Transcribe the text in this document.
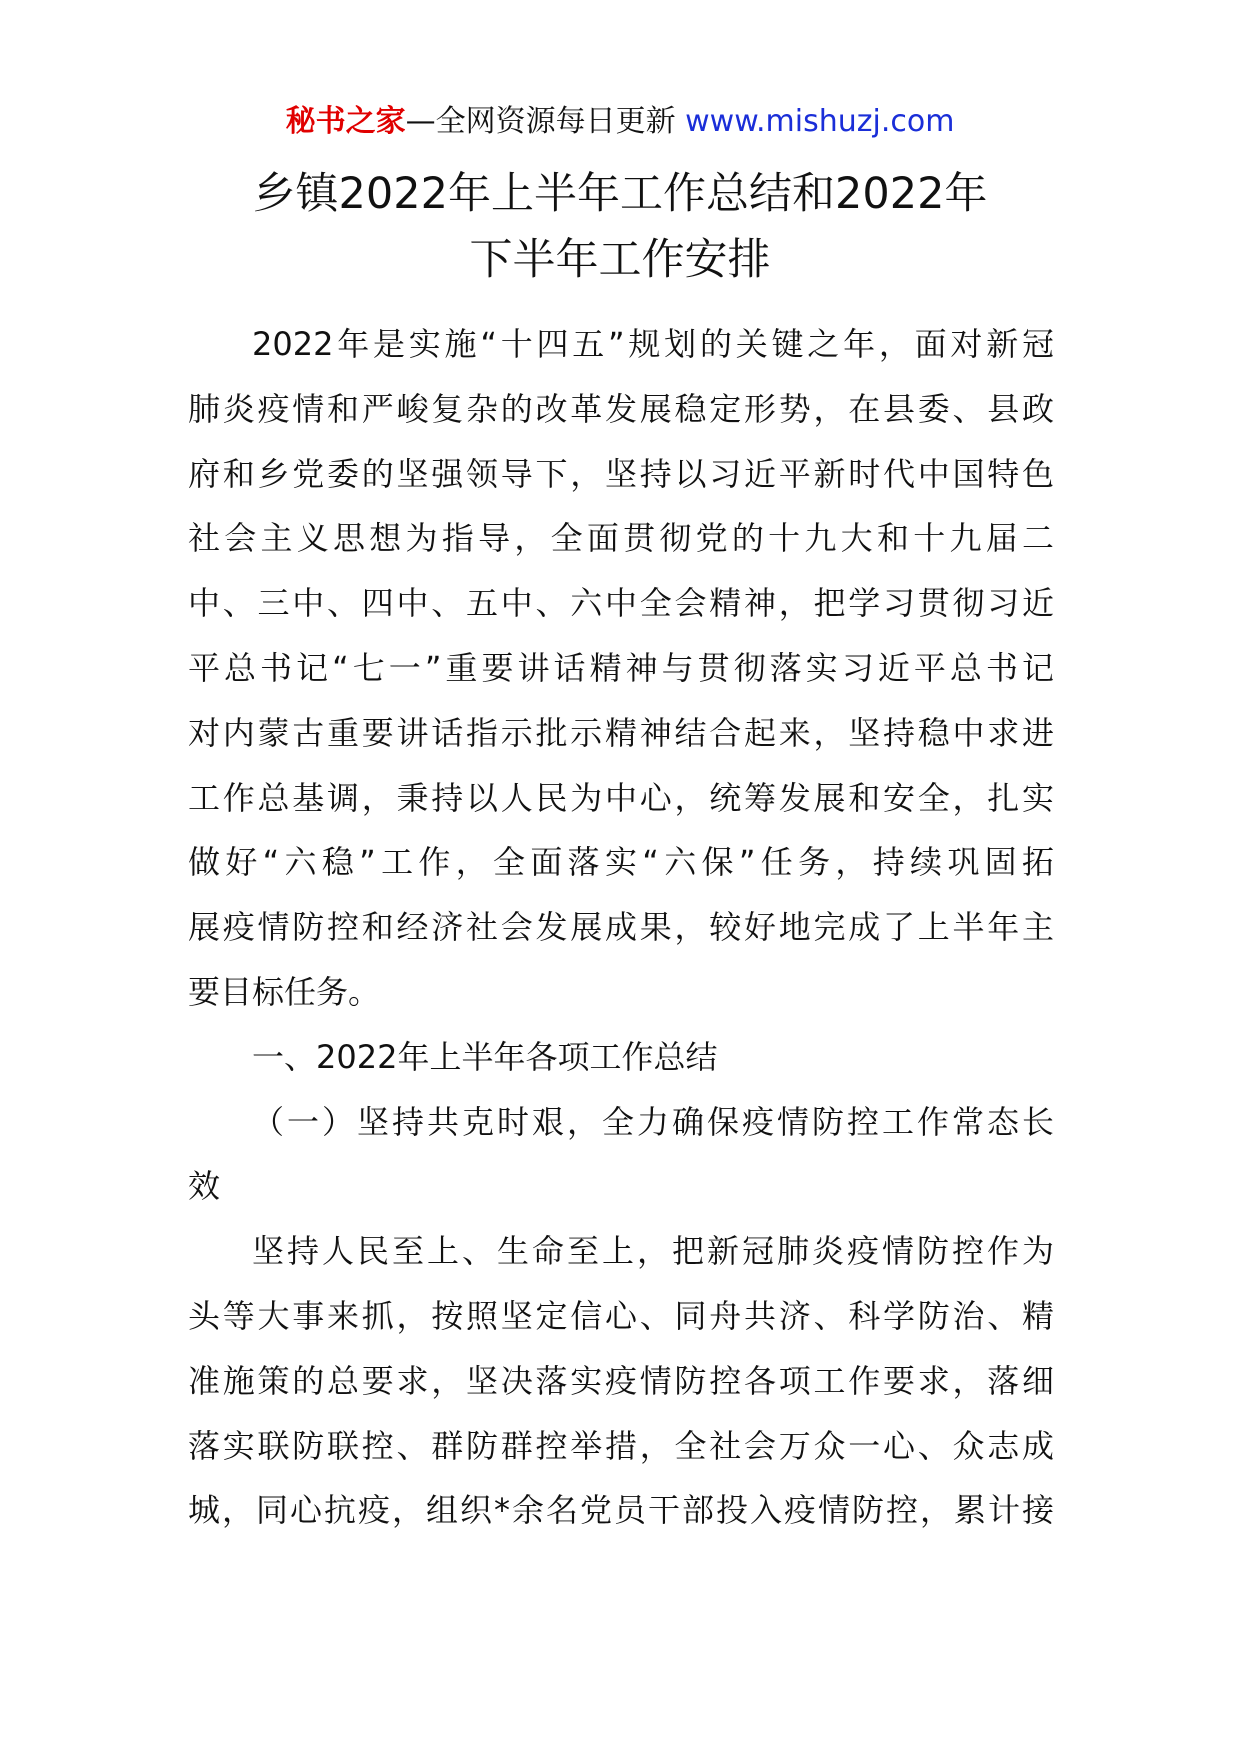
秘书之家—全网资源每日更新 www.mishuzj.com
乡镇2022年上半年工作总结和2022年
下半年工作安排
2022年是实施“十四五”规划的关键之年，面对新冠
肺炎疫情和严峻复杂的改革发展稳定形势，在县委、县政
府和乡党委的坚强领导下，坚持以习近平新时代中国特色
社会主义思想为指导，全面贯彻党的十九大和十九届二
中、三中、四中、五中、六中全会精神，把学习贯彻习近
平总书记“七一”重要讲话精神与贯彻落实习近平总书记
对内蒙古重要讲话指示批示精神结合起来，坚持稳中求进
工作总基调，秉持以人民为中心，统筹发展和安全，扎实
做好“六稳”工作，全面落实“六保”任务，持续巩固拓
展疫情防控和经济社会发展成果，较好地完成了上半年主
要目标任务。
一、2022年上半年各项工作总结
（一）坚持共克时艰，全力确保疫情防控工作常态长
效
坚持人民至上、生命至上，把新冠肺炎疫情防控作为
头等大事来抓，按照坚定信心、同舟共济、科学防治、精
准施策的总要求，坚决落实疫情防控各项工作要求，落细
落实联防联控、群防群控举措，全社会万众一心、众志成
城，同心抗疫，组织*余名党员干部投入疫情防控，累计接
